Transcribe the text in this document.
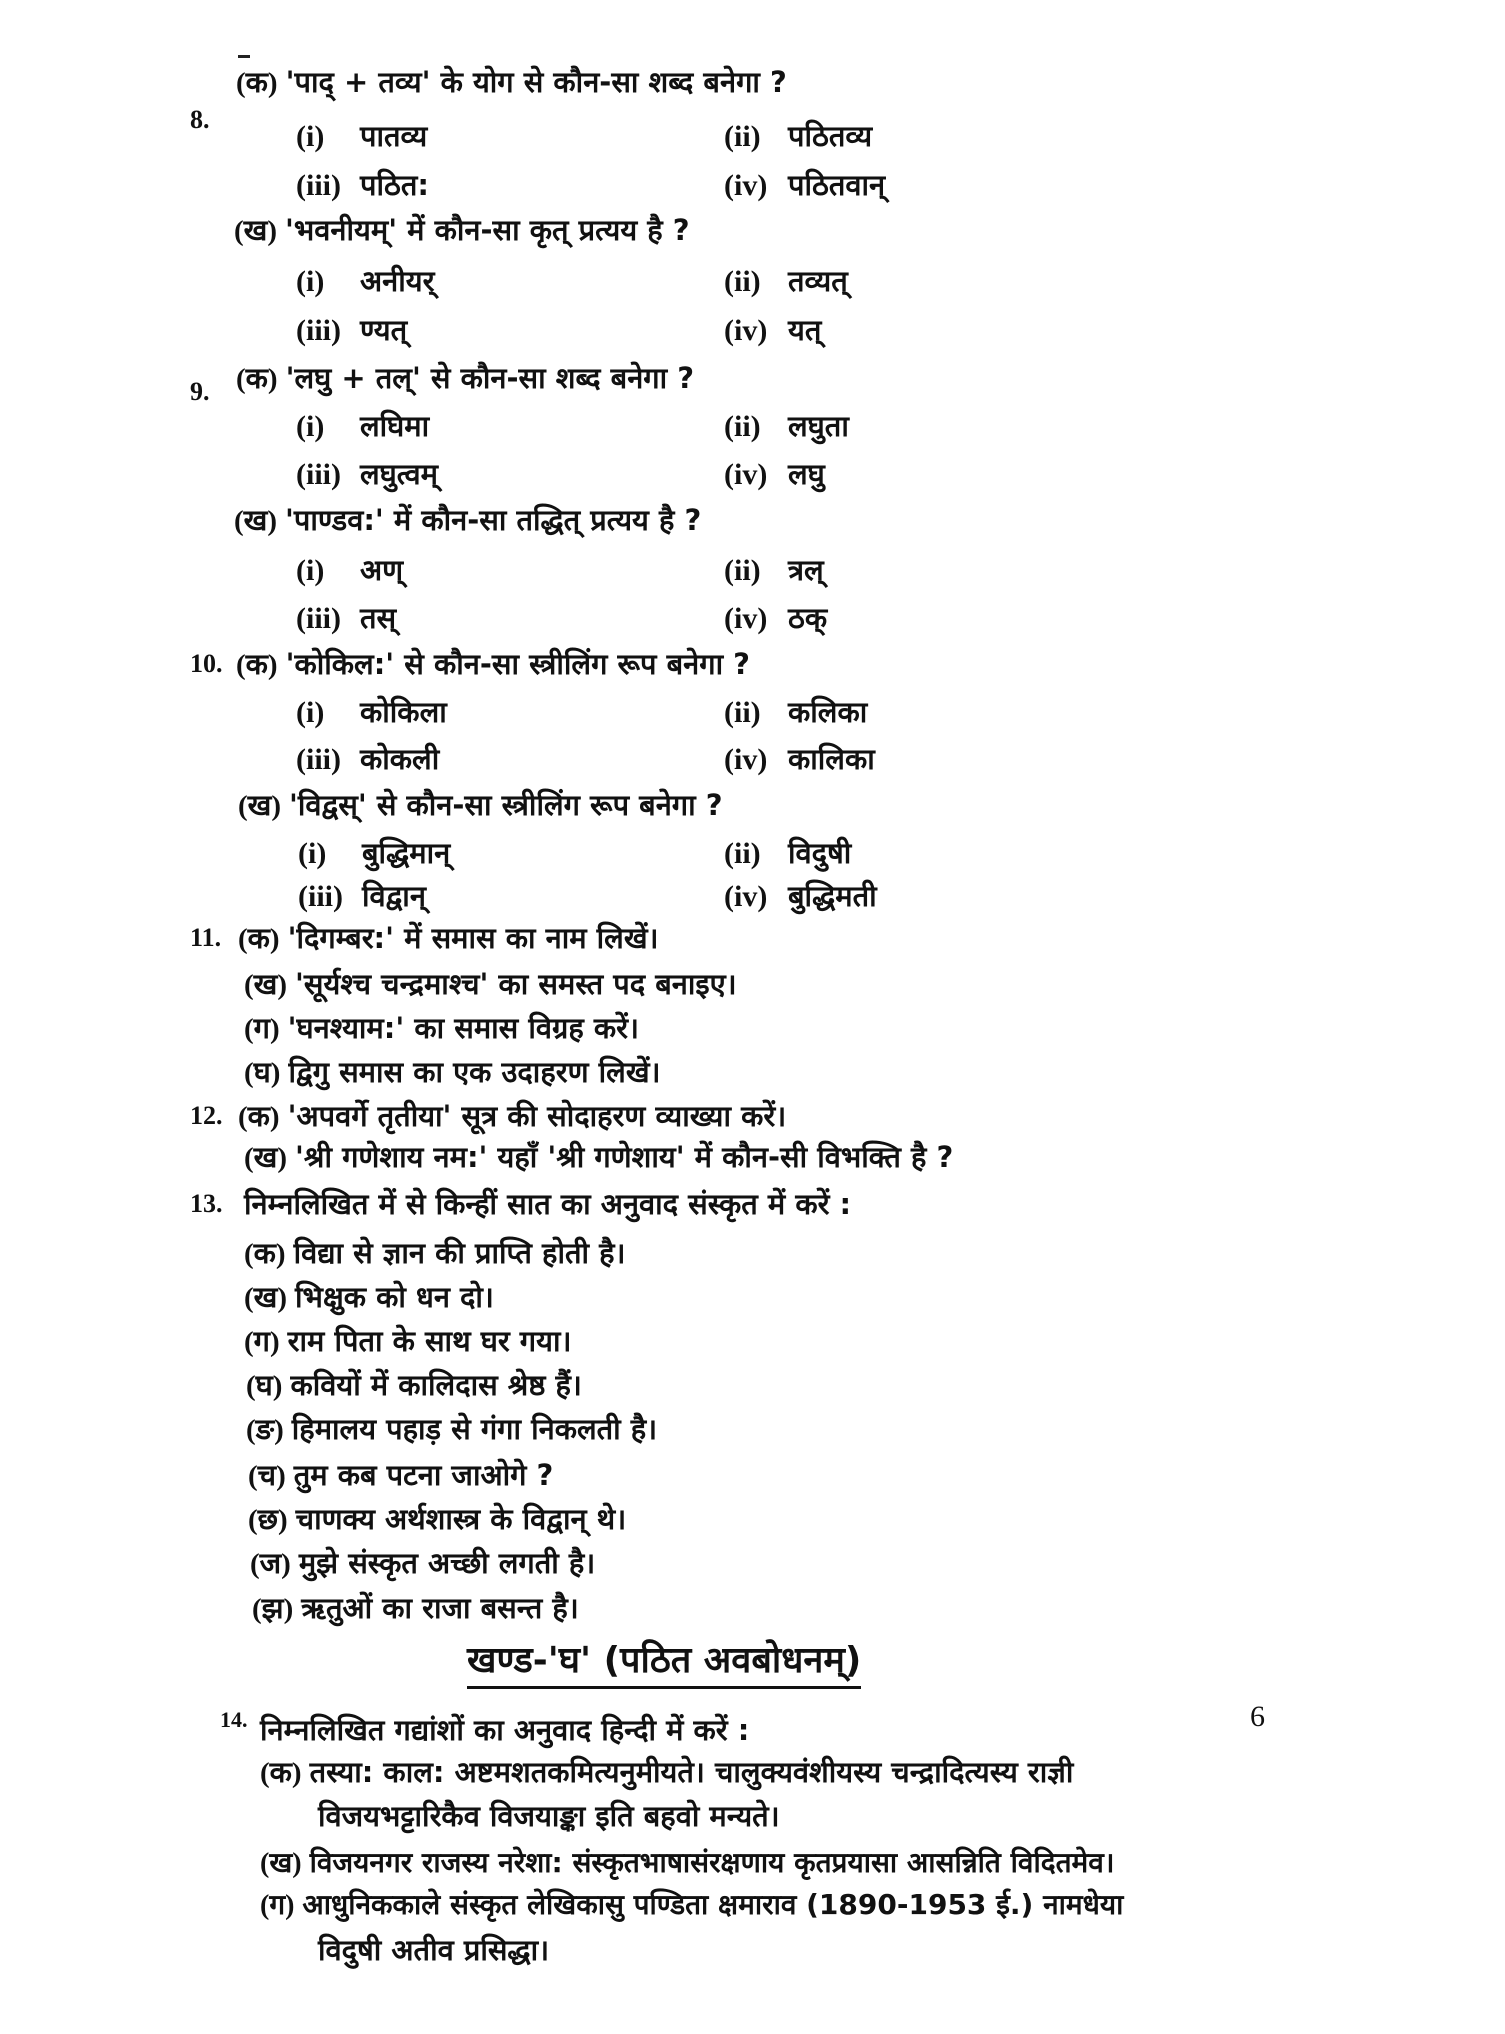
8.
(क) 'पाद् + तव्य' के योग से कौन-सा शब्द बनेगा ?
(i) पातव्य	(ii) पठितव्य
(iii) पठित:	(iv) पठितवान्
(ख) 'भवनीयम्' में कौन-सा कृत् प्रत्यय है ?
(i) अनीयर्	(ii) तव्यत्
(iii) ण्यत्	(iv) यत्
9. (क) 'लघु + तल्' से कौन-सा शब्द बनेगा ?
(i) लघिमा	(ii) लघुता
(iii) लघुत्वम्	(iv) लघु
(ख) 'पाण्डव:' में कौन-सा तद्धित् प्रत्यय है ?
(i) अण्	(ii) त्रल्
(iii) तस्	(iv) ठक्
10. (क) 'कोकिल:' से कौन-सा स्त्रीलिंग रूप बनेगा ?
(i) कोकिला	(ii) कलिका
(iii) कोकली	(iv) कालिका
(ख) 'विद्वस्' से कौन-सा स्त्रीलिंग रूप बनेगा ?
(i) बुद्धिमान्	(ii) विदुषी
(iii) विद्वान्	(iv) बुद्धिमती
11. (क) 'दिगम्बर:' में समास का नाम लिखें।
(ख) 'सूर्यश्च चन्द्रमाश्च' का समस्त पद बनाइए।
(ग) 'घनश्याम:' का समास विग्रह करें।
(घ) द्विगु समास का एक उदाहरण लिखें।
12. (क) 'अपवर्गे तृतीया' सूत्र की सोदाहरण व्याख्या करें।
(ख) 'श्री गणेशाय नम:' यहाँ 'श्री गणेशाय' में कौन-सी विभक्ति है ?
13. निम्नलिखित में से किन्हीं सात का अनुवाद संस्कृत में करें :
(क) विद्या से ज्ञान की प्राप्ति होती है।
(ख) भिक्षुक को धन दो।
(ग) राम पिता के साथ घर गया।
(घ) कवियों में कालिदास श्रेष्ठ हैं।
(ङ) हिमालय पहाड़ से गंगा निकलती है।
(च) तुम कब पटना जाओगे ?
(छ) चाणक्य अर्थशास्त्र के विद्वान् थे।
(ज) मुझे संस्कृत अच्छी लगती है।
(झ) ऋतुओं का राजा बसन्त है।
खण्ड-'घ' (पठित अवबोधनम्)
14. निम्नलिखित गद्यांशों का अनुवाद हिन्दी में करें :	6
(क) तस्या: काल: अष्टमशतकमित्यनुमीयते। चालुक्यवंशीयस्य चन्द्रादित्यस्य राज्ञी
विजयभट्टारिकैव विजयाङ्का इति बहवो मन्यते।
(ख) विजयनगर राजस्य नरेशा: संस्कृतभाषासंरक्षणाय कृतप्रयासा आसन्निति विदितमेव।
(ग) आधुनिककाले संस्कृत लेखिकासु पण्डिता क्षमाराव (1890-1953 ई.) नामधेया
विदुषी अतीव प्रसिद्धा।
